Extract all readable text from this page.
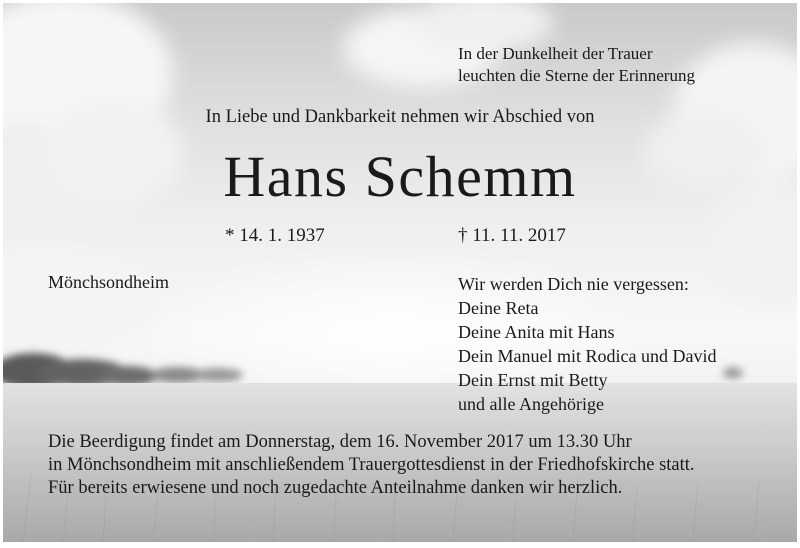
In der Dunkelheit der Trauer
leuchten die Sterne der Erinnerung
In Liebe und Dankbarkeit nehmen wir Abschied von
Hans Schemm
* 14. 1. 1937	† 11. 11. 2017
Mönchsondheim	Wir werden Dich nie vergessen:
Deine Reta
Deine Anita mit Hans
Dein Manuel mit Rodica und David
Dein Ernst mit Betty
und alle Angehörige
Die Beerdigung findet am Donnerstag, dem 16. November 2017 um 13.30 Uhr
in Mönchsondheim mit anschließendem Trauergottesdienst in der Friedhofskirche statt.
Für bereits erwiesene und noch zugedachte Anteilnahme danken wir herzlich.
